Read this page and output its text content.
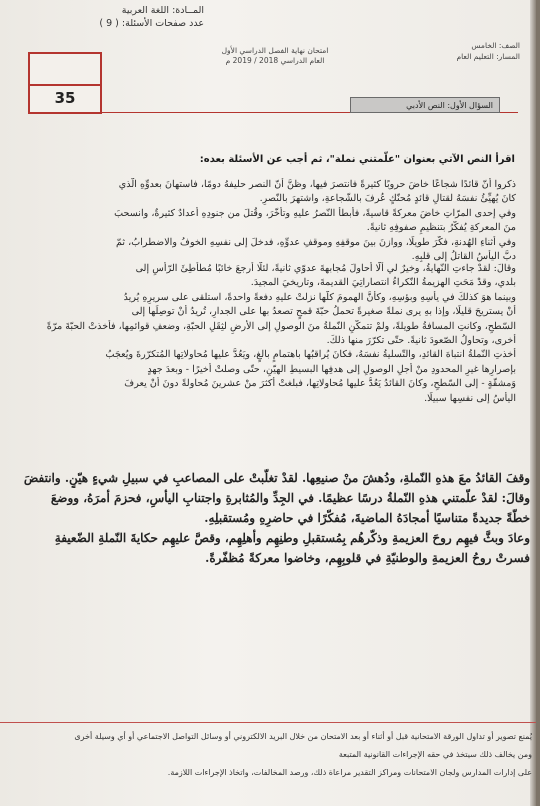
المــادة: اللغة العربية
عدد صفحات الأسئلة: ( 9 )
امتحان نهاية الفصل الدراسي الأول
العام الدراسي 2018 / 2019 م
الصف: الخامس
المسار: التعليم العام
35	السؤال الأول: النص الأدبي
اقرأ النص الآتي بعنوان "علّمتني نملة"، ثم أجب عن الأسئلة بعده:

ذكروا أنّ قائدًا شجاعًا خاضَ حروبًا كثيرةً فانتصرَ فيها، وظنَّ أنّ النصر حليفهُ دومًا، فاستهانَ بعدوِّهِ الّذي

كانَ يُهيِّئُ نفسَهُ لقتالِ قائدٍ مُحنّكٍ عُرفَ بالشّجاعةِ، واشتهرَ بالنّصرِ.

وفي إحدى المرّاتِ خاضَ معركةً قاسيةً، فأبطأ النّصرُ عليهِ وتأخّرَ، وقُتلَ من جنودِهِ أعدادٌ كثيرةٌ، وانسحبَ

منَ المعركةِ يُفكّرُ بتنظيمِ صفوفِهِ ثانيةً.

وفي أثناءِ الهُدنةِ، فكّرَ طويلًا، ووازنَ بينَ موقفِهِ وموقفِ عدوِّهِ، فدخلَ إلى نفسِهِ الخوفُ والاضطرابُ، ثمّ

دبَّ اليأسُ القاتلُ إلى قلبِهِ.

وقالَ: لقدْ جاءتِ النّهايةُ، وخيرٌ لي ألّا أحاولَ مُجابهةَ عدوّي ثانيةً، لئلّا أرجعَ خائبًا مُطأطِئَ الرّأسِ إلى

بلدي، وقدْ مَحَتِ الهزيمةُ النّكراءُ انتصاراتِيَ القديمةَ، وتاريخيَ المجيدَ.

وبينما هوَ كذلكَ في يأسِهِ وبؤسِهِ، وكأنَّ الهمومَ كلَّها نزلتْ عليهِ دفعةً واحدةً، استلقى على سريرِهِ يُريدُ

أنْ يستريحَ قليلًا، وإذا بهِ يرى نملةً صغيرةً تحملُ حبّةَ قمحٍ تصعدُ بها على الجدارِ، تُريدُ أنْ توصِلَها إلى

السّطحِ، وكانتِ المسافةُ طويلةً، ولمْ تتمكّنِ النّملةُ منَ الوصولِ إلى الأرضِ لثِقَلِ الحبّةِ، وضعفِ قوائمِها، فأخذتْ الحبّةَ مرّةً

أخرى، وتحاولُ الصّعودَ ثانيةً. حتّى تكرّرَ منها ذلكَ.

أخذتِ النّملةُ انتباهَ القائدِ، والتّسليةُ نفسَهُ، فكانَ يُراقبُها باهتمامٍ بالغٍ، ويَعُدُّ عليها مُحاولاتِها المُتكرّرةَ ويُعجَبُ

بإصرارِها غيرِ المحدودِ منْ أجلِ الوصولِ إلى هدفِها البسيطِ الهيّنِ، حتّى وصلتْ أخيرًا - وبعدَ جهدٍ

وَمشقّةٍ - إلى السّطحِ، وكانَ القائدُ يَعُدُّ عليها مُحاولاتِها، فبلغتْ أكثرَ منْ عشرينَ مُحاولةً دونَ أنْ يعرفَ

اليأسُ إلى نفسِها سبيلًا.

وقفَ القائدُ معَ هذهِ النّملةِ، ودُهشَ منْ صنيعِها. لقدْ تغلّبتْ على المصاعبِ في سبيلِ شيءٍ هيّنٍ. وانتفضَ

وقالَ: لقدْ علّمتني هذهِ النّملةُ درسًا عظيمًا. في الجِدِّ والمُثابرةِ واجتنابِ اليأسِ، فحزمَ أمرَهُ، ووضعَ

خطّةً جديدةً متناسيًا أمجادَهُ الماضيةَ، مُفكّرًا في حاضرِهِ ومُستقبلِهِ.

وعادَ وبثَّ فيهِم روحَ العزيمةِ وذكّرهُم بِمُستقبلِ وطنِهِم وأهلِهِم، وقصَّ عليهِم حكايةَ النّملةِ الضّعيفةِ

فسرتْ روحُ العزيمةِ والوطنيّةِ في قلوبِهِم، وخاضوا معركةً مُظفّرةً.

يُمنع تصوير أو تداول الورقة الامتحانية قبل أو أثناء أو بعد الامتحان من خلال البريد الالكتروني أو وسائل التواصل الاجتماعي أو أي وسيلة أخرى

ومن يخالف ذلك سيتخذ في حقه الإجراءات القانونية المتبعة

على إدارات المدارس ولجان الامتحانات ومراكز التقدير مراعاة ذلك، ورصد المخالفات، واتخاذ الإجراءات اللازمة.
